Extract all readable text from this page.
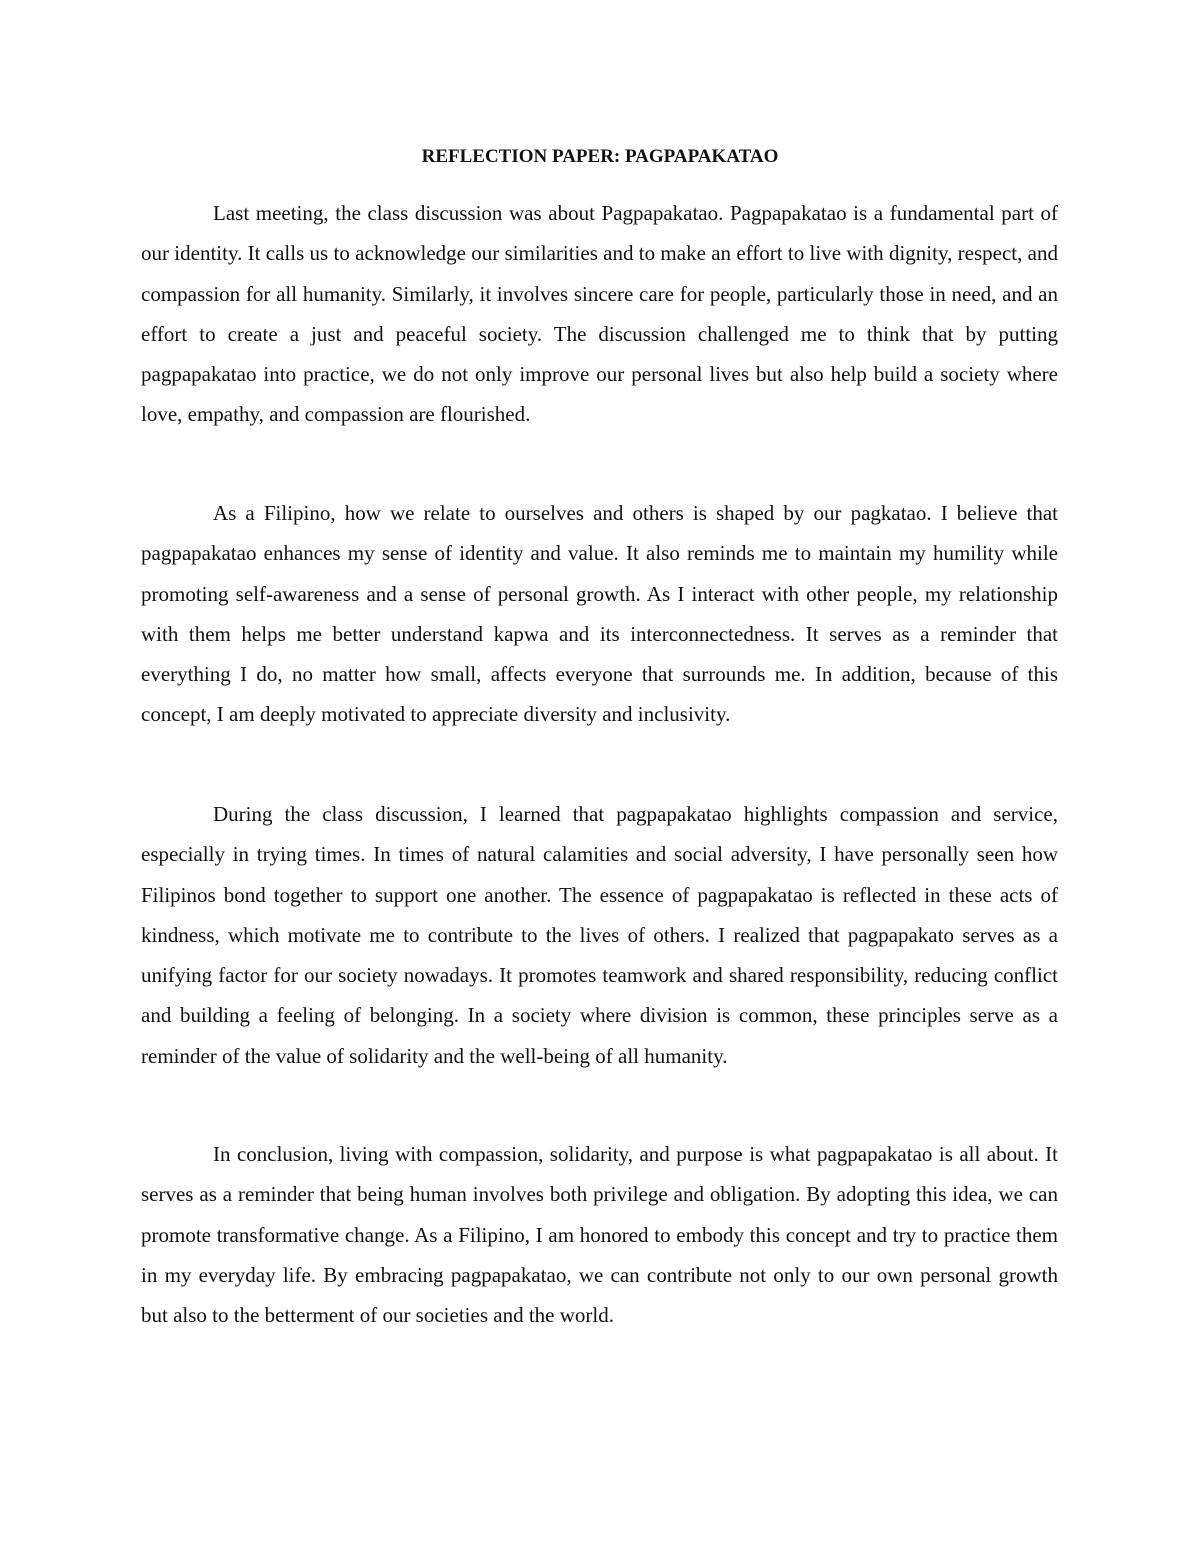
REFLECTION PAPER: PAGPAPAKATAO

Last meeting, the class discussion was about Pagpapakatao. Pagpapakatao is a fundamental part of our identity. It calls us to acknowledge our similarities and to make an effort to live with dignity, respect, and compassion for all humanity. Similarly, it involves sincere care for people, particularly those in need, and an effort to create a just and peaceful society. The discussion challenged me to think that by putting pagpapakatao into practice, we do not only improve our personal lives but also help build a society where love, empathy, and compassion are flourished.

As a Filipino, how we relate to ourselves and others is shaped by our pagkatao. I believe that pagpapakatao enhances my sense of identity and value. It also reminds me to maintain my humility while promoting self-awareness and a sense of personal growth. As I interact with other people, my relationship with them helps me better understand kapwa and its interconnectedness. It serves as a reminder that everything I do, no matter how small, affects everyone that surrounds me. In addition, because of this concept, I am deeply motivated to appreciate diversity and inclusivity.

During the class discussion, I learned that pagpapakatao highlights compassion and service, especially in trying times. In times of natural calamities and social adversity, I have personally seen how Filipinos bond together to support one another. The essence of pagpapakatao is reflected in these acts of kindness, which motivate me to contribute to the lives of others. I realized that pagpapakato serves as a unifying factor for our society nowadays. It promotes teamwork and shared responsibility, reducing conflict and building a feeling of belonging. In a society where division is common, these principles serve as a reminder of the value of solidarity and the well-being of all humanity.

In conclusion, living with compassion, solidarity, and purpose is what pagpapakatao is all about. It serves as a reminder that being human involves both privilege and obligation. By adopting this idea, we can promote transformative change. As a Filipino, I am honored to embody this concept and try to practice them in my everyday life. By embracing pagpapakatao, we can contribute not only to our own personal growth but also to the betterment of our societies and the world.
